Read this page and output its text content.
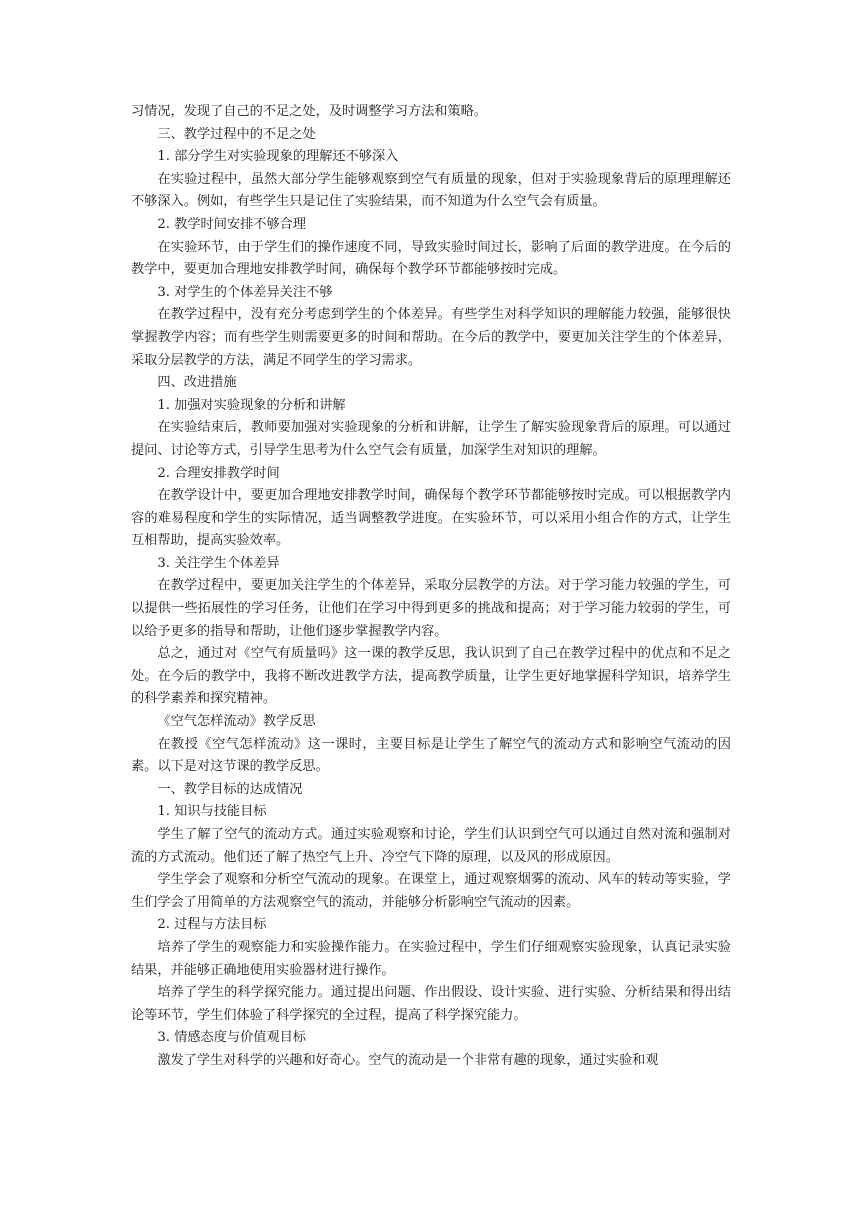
习情况，发现了自己的不足之处，及时调整学习方法和策略。

三、教学过程中的不足之处

1. 部分学生对实验现象的理解还不够深入

在实验过程中，虽然大部分学生能够观察到空气有质量的现象，但对于实验现象背后的原理理解还不够深入。例如，有些学生只是记住了实验结果，而不知道为什么空气会有质量。

2. 教学时间安排不够合理

在实验环节，由于学生们的操作速度不同，导致实验时间过长，影响了后面的教学进度。在今后的教学中，要更加合理地安排教学时间，确保每个教学环节都能够按时完成。

3. 对学生的个体差异关注不够

在教学过程中，没有充分考虑到学生的个体差异。有些学生对科学知识的理解能力较强，能够很快掌握教学内容；而有些学生则需要更多的时间和帮助。在今后的教学中，要更加关注学生的个体差异，采取分层教学的方法，满足不同学生的学习需求。

四、改进措施

1. 加强对实验现象的分析和讲解

在实验结束后，教师要加强对实验现象的分析和讲解，让学生了解实验现象背后的原理。可以通过提问、讨论等方式，引导学生思考为什么空气会有质量，加深学生对知识的理解。

2. 合理安排教学时间

在教学设计中，要更加合理地安排教学时间，确保每个教学环节都能够按时完成。可以根据教学内容的难易程度和学生的实际情况，适当调整教学进度。在实验环节，可以采用小组合作的方式，让学生互相帮助，提高实验效率。

3. 关注学生个体差异

在教学过程中，要更加关注学生的个体差异，采取分层教学的方法。对于学习能力较强的学生，可以提供一些拓展性的学习任务，让他们在学习中得到更多的挑战和提高；对于学习能力较弱的学生，可以给予更多的指导和帮助，让他们逐步掌握教学内容。

总之，通过对《空气有质量吗》这一课的教学反思，我认识到了自己在教学过程中的优点和不足之处。在今后的教学中，我将不断改进教学方法，提高教学质量，让学生更好地掌握科学知识，培养学生的科学素养和探究精神。

《空气怎样流动》教学反思

在教授《空气怎样流动》这一课时，主要目标是让学生了解空气的流动方式和影响空气流动的因素。以下是对这节课的教学反思。

一、教学目标的达成情况

1. 知识与技能目标

学生了解了空气的流动方式。通过实验观察和讨论，学生们认识到空气可以通过自然对流和强制对流的方式流动。他们还了解了热空气上升、冷空气下降的原理，以及风的形成原因。

学生学会了观察和分析空气流动的现象。在课堂上，通过观察烟雾的流动、风车的转动等实验，学生们学会了用简单的方法观察空气的流动，并能够分析影响空气流动的因素。

2. 过程与方法目标

培养了学生的观察能力和实验操作能力。在实验过程中，学生们仔细观察实验现象，认真记录实验结果，并能够正确地使用实验器材进行操作。

培养了学生的科学探究能力。通过提出问题、作出假设、设计实验、进行实验、分析结果和得出结论等环节，学生们体验了科学探究的全过程，提高了科学探究能力。

3. 情感态度与价值观目标

激发了学生对科学的兴趣和好奇心。空气的流动是一个非常有趣的现象，通过实验和观
